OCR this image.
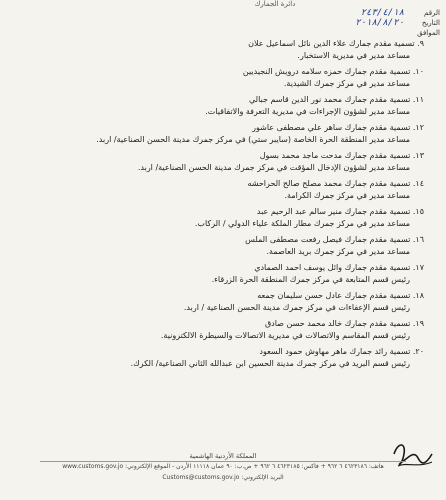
دائرة الجمارك
الرقم
٢٤٣/٤/١٨
التاريخ
٢٠١٨/٨/٢٠
الموافق
٩. تسمية مقدم جمارك علاء الدين نائل اسماعيل علان
مساعد مدير في مديرية الاستخبار.
١٠. تسمية مقدم جمارك حمزه سلامه درويش النجيديين
مساعد مدير في مركز جمرك الشيدية.
١١. تسمية مقدم جمارك محمد نور الدين قاسم جبالي
مساعد مدير لشؤون الإجراءات في مديرية التعرفة والاتفاقيات.
١٢. تسمية مقدم جمارك ساهر علي مصطفى عاشور
مساعد مدير المنطقة الحرة الخاصة (سايبر ستي) في مركز جمرك مدينة الحسن الصناعية/ اربد.
١٣. تسمية مقدم جمارك مدحت ماجد محمد بسول
مساعد مدير لشؤون الإدخال المؤقت في مركز جمرك مدينة الحسن الصناعية/ اربد.
١٤. تسمية مقدم جمارك محمد مصلح صالح الحراحشه
مساعد مدير في مركز جمرك الكرامة.
١٥. تسمية مقدم جمارك منير سالم عبد الرحيم عبد
مساعد مدير في مركز جمرك مطار الملكة علياء الدولي / الركاب.
١٦. تسمية مقدم جمارك فيصل رفعت مصطفى الملس
مساعد مدير في مركز جمرك بريد العاصمة.
١٧. تسمية مقدم جمارك وائل يوسف احمد الصمادي
رئيس قسم المتابعة في مركز جمرك المنطقة الحرة الزرقاء.
١٨. تسمية مقدم جمارك عادل حسن سليمان جمعه
رئيس قسم الإعفاءات في مركز جمرك مدينة الحسن الصناعية / اربد.
١٩. تسمية مقدم جمارك خالد محمد حسن صادق
رئيس قسم المقاسم والاتصالات في مديرية الاتصالات والسيطرة الالكترونية.
٢٠. تسمية رائد جمارك ماهر مهاوش حمود السعود
رئيس قسم البريد في مركز جمرك مدينة الحسين ابن عبدالله الثاني الصناعية/ الكرك.
المملكة الأردنية الهاشمية
هاتف: ٤٦٢٣١٨٦ ٦ ٩٦٢ + فاكس: ٤٦٢٣١٨٥ ٦ ٩٦٢ + ص.ب: ٩٠ عمان ١١١١٨ الأردن - الموقع الإلكتروني: www.customs.gov.jo
البريد الإلكتروني: Customs@customs.gov.jo
